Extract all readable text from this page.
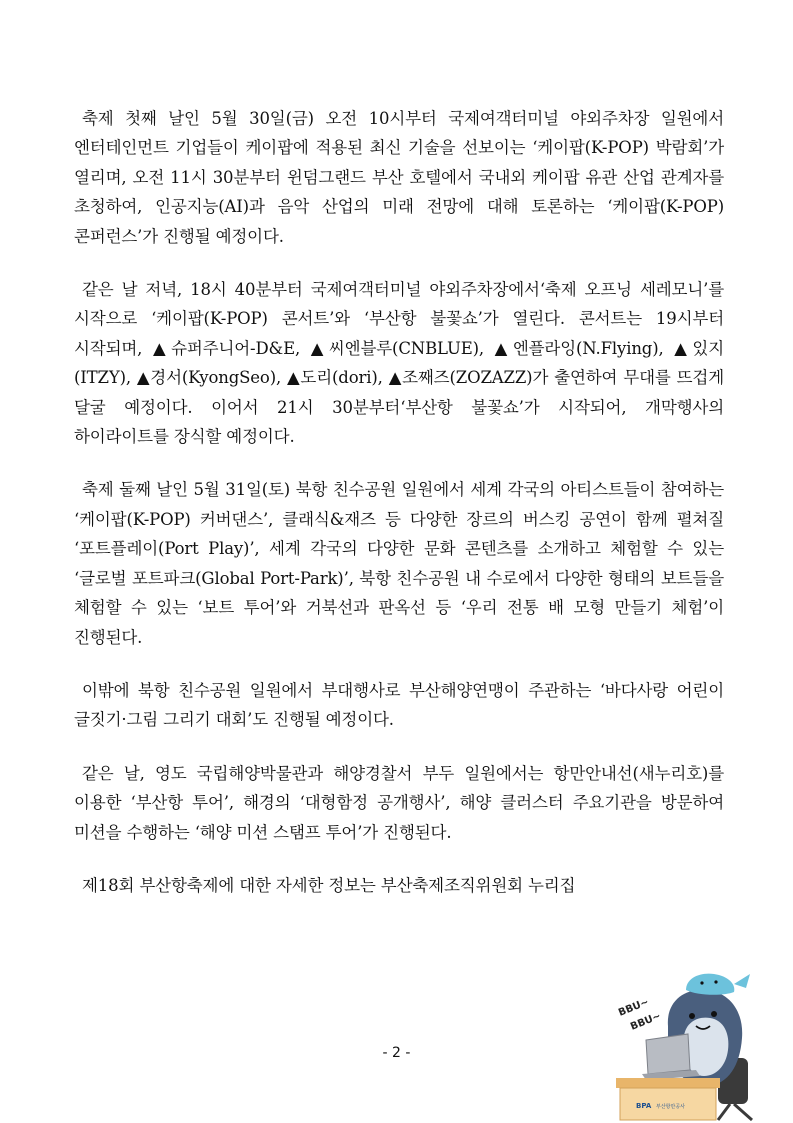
축제 첫째 날인 5월 30일(금) 오전 10시부터 국제여객터미널 야외주차장 일원에서 엔터테인먼트 기업들이 케이팝에 적용된 최신 기술을 선보이는 ‘케이팝(K-POP) 박람회’가 열리며, 오전 11시 30분부터 윈덤그랜드 부산 호텔에서 국내외 케이팝 유관 산업 관계자를 초청하여, 인공지능(AI)과 음악 산업의 미래 전망에 대해 토론하는 ‘케이팝(K-POP) 콘퍼런스’가 진행될 예정이다.

같은 날 저녁, 18시 40분부터 국제여객터미널 야외주차장에서‘축제 오프닝 세레모니’를 시작으로 ‘케이팝(K-POP) 콘서트’와 ‘부산항 불꽃쇼’가 열린다. 콘서트는 19시부터 시작되며, ▲슈퍼주니어-D&E, ▲씨엔블루(CNBLUE), ▲엔플라잉(N.Flying), ▲있지(ITZY), ▲경서(KyongSeo), ▲도리(dori), ▲조째즈(ZOZAZZ)가 출연하여 무대를 뜨겁게 달굴 예정이다. 이어서 21시 30분부터‘부산항 불꽃쇼’가 시작되어, 개막행사의 하이라이트를 장식할 예정이다.

축제 둘째 날인 5월 31일(토) 북항 친수공원 일원에서 세계 각국의 아티스트들이 참여하는 ‘케이팝(K-POP) 커버댄스’, 클래식&재즈 등 다양한 장르의 버스킹 공연이 함께 펼쳐질 ‘포트플레이(Port Play)’, 세계 각국의 다양한 문화 콘텐츠를 소개하고 체험할 수 있는 ‘글로벌 포트파크(Global Port-Park)’, 북항 친수공원 내 수로에서 다양한 형태의 보트들을 체험할 수 있는 ‘보트 투어’와 거북선과 판옥선 등 ‘우리 전통 배 모형 만들기 체험’이 진행된다.

이밖에 북항 친수공원 일원에서 부대행사로 부산해양연맹이 주관하는 ‘바다사랑 어린이 글짓기·그림 그리기 대회’도 진행될 예정이다.

같은 날, 영도 국립해양박물관과 해양경찰서 부두 일원에서는 항만안내선(새누리호)를 이용한 ‘부산항 투어’, 해경의 ‘대형함정 공개행사’, 해양 클러스터 주요기관을 방문하여 미션을 수행하는 ‘해양 미션 스탬프 투어’가 진행된다.

제18회 부산항축제에 대한 자세한 정보는 부산축제조직위원회 누리집

- 2 -
BBU~
BBU~
BPA 부산항만공사
